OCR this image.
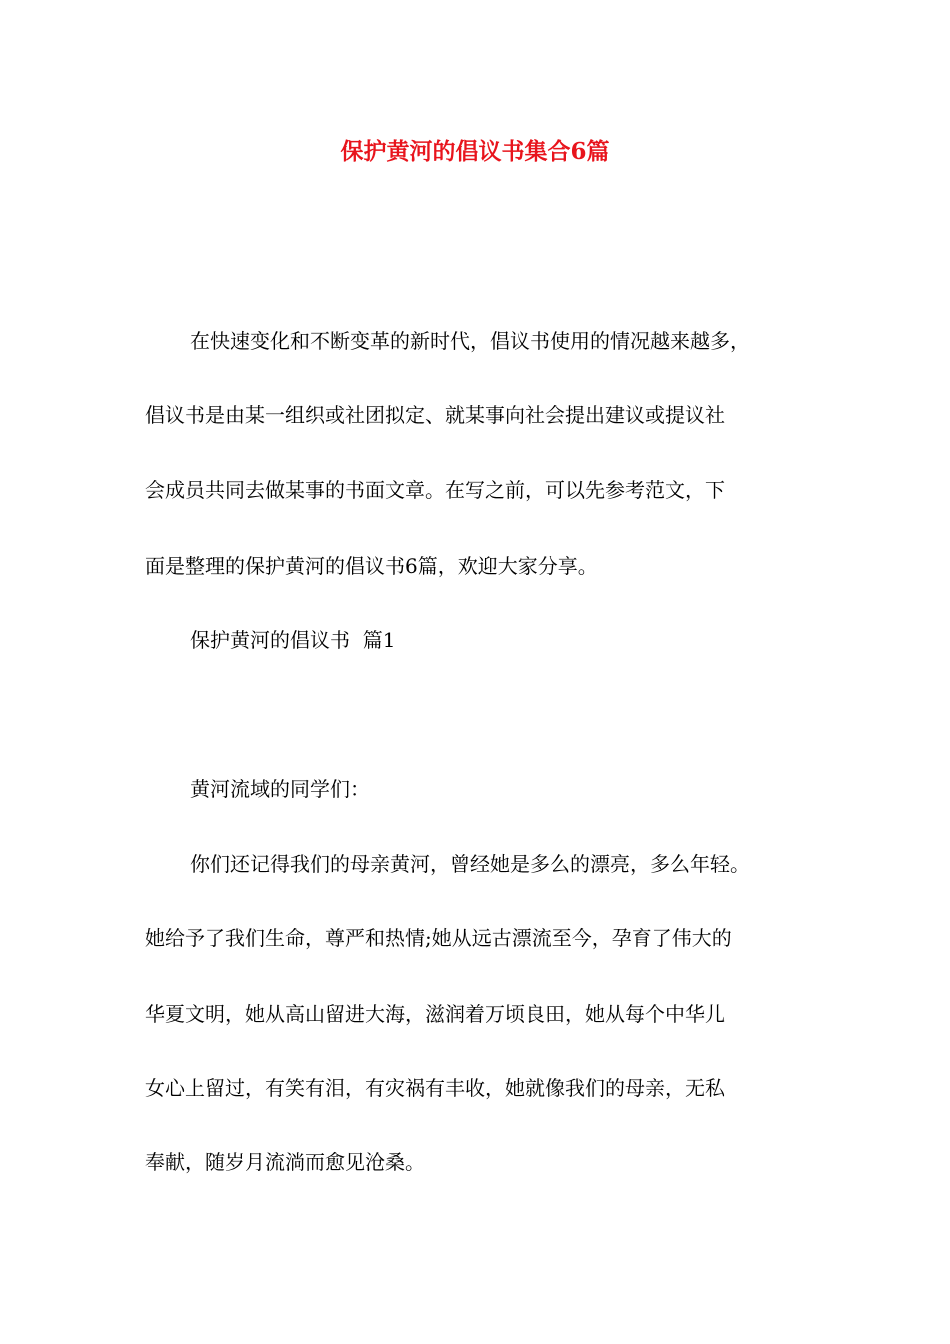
保护黄河的倡议书集合6篇
在快速变化和不断变革的新时代，倡议书使用的情况越来越多，
倡议书是由某一组织或社团拟定、就某事向社会提出建议或提议社
会成员共同去做某事的书面文章。在写之前，可以先参考范文，下
面是整理的保护黄河的倡议书6篇，欢迎大家分享。
保护黄河的倡议书  篇1
黄河流域的同学们：
你们还记得我们的母亲黄河，曾经她是多么的漂亮，多么年轻。
她给予了我们生命，尊严和热情;她从远古漂流至今，孕育了伟大的
华夏文明，她从高山留进大海，滋润着万顷良田，她从每个中华儿
女心上留过，有笑有泪，有灾祸有丰收，她就像我们的母亲，无私
奉献，随岁月流淌而愈见沧桑。
